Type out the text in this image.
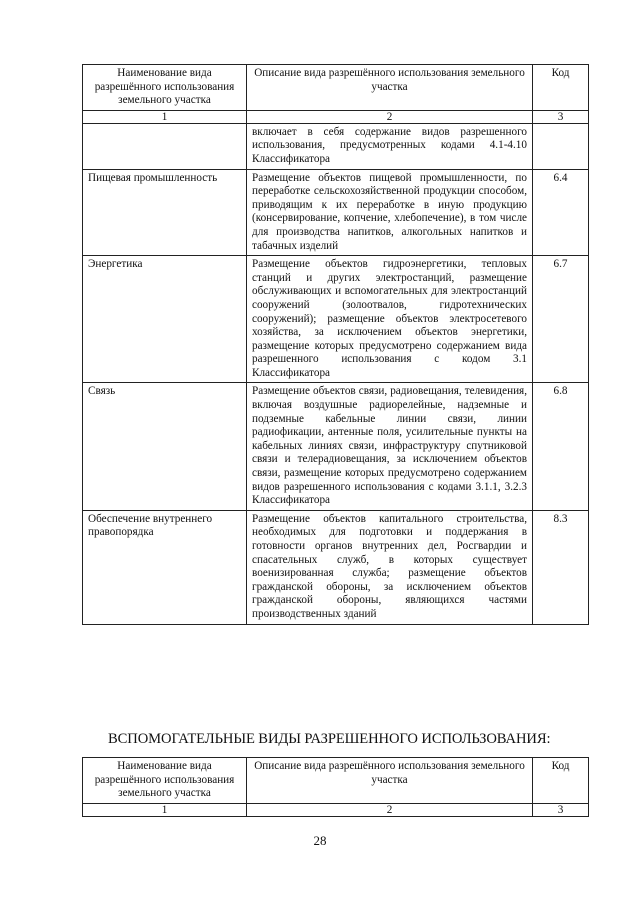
Наименование вида разрешённого использования земельного участка	Описание вида разрешённого использования земельного участка	Код
1	2	3
	включает в себя содержание видов разрешенного использования, предусмотренных кодами 4.1-4.10 Классификатора	
Пищевая промышленность	Размещение объектов пищевой промышленности, по переработке сельскохозяйственной продукции способом, приводящим к их переработке в иную продукцию (консервирование, копчение, хлебопечение), в том числе для производства напитков, алкогольных напитков и табачных изделий	6.4
Энергетика	Размещение объектов гидроэнергетики, тепловых станций и других электростанций, размещение обслуживающих и вспомогательных для электростанций сооружений (золоотвалов, гидротехнических сооружений); размещение объектов электросетевого хозяйства, за исключением объектов энергетики, размещение которых предусмотрено содержанием вида разрешенного использования с кодом 3.1 Классификатора	6.7
Связь	Размещение объектов связи, радиовещания, телевидения, включая воздушные радиорелейные, надземные и подземные кабельные линии связи, линии радиофикации, антенные поля, усилительные пункты на кабельных линиях связи, инфраструктуру спутниковой связи и телерадиовещания, за исключением объектов связи, размещение которых предусмотрено содержанием видов разрешенного использования с кодами 3.1.1, 3.2.3 Классификатора	6.8
Обеспечение внутреннего правопорядка	Размещение объектов капитального строительства, необходимых для подготовки и поддержания в готовности органов внутренних дел, Росгвардии и спасательных служб, в которых существует военизированная служба; размещение объектов гражданской обороны, за исключением объектов гражданской обороны, являющихся частями производственных зданий	8.3
ВСПОМОГАТЕЛЬНЫЕ ВИДЫ РАЗРЕШЕННОГО ИСПОЛЬЗОВАНИЯ:
Наименование вида разрешённого использования земельного участка	Описание вида разрешённого использования земельного участка	Код
1	2	3
28
